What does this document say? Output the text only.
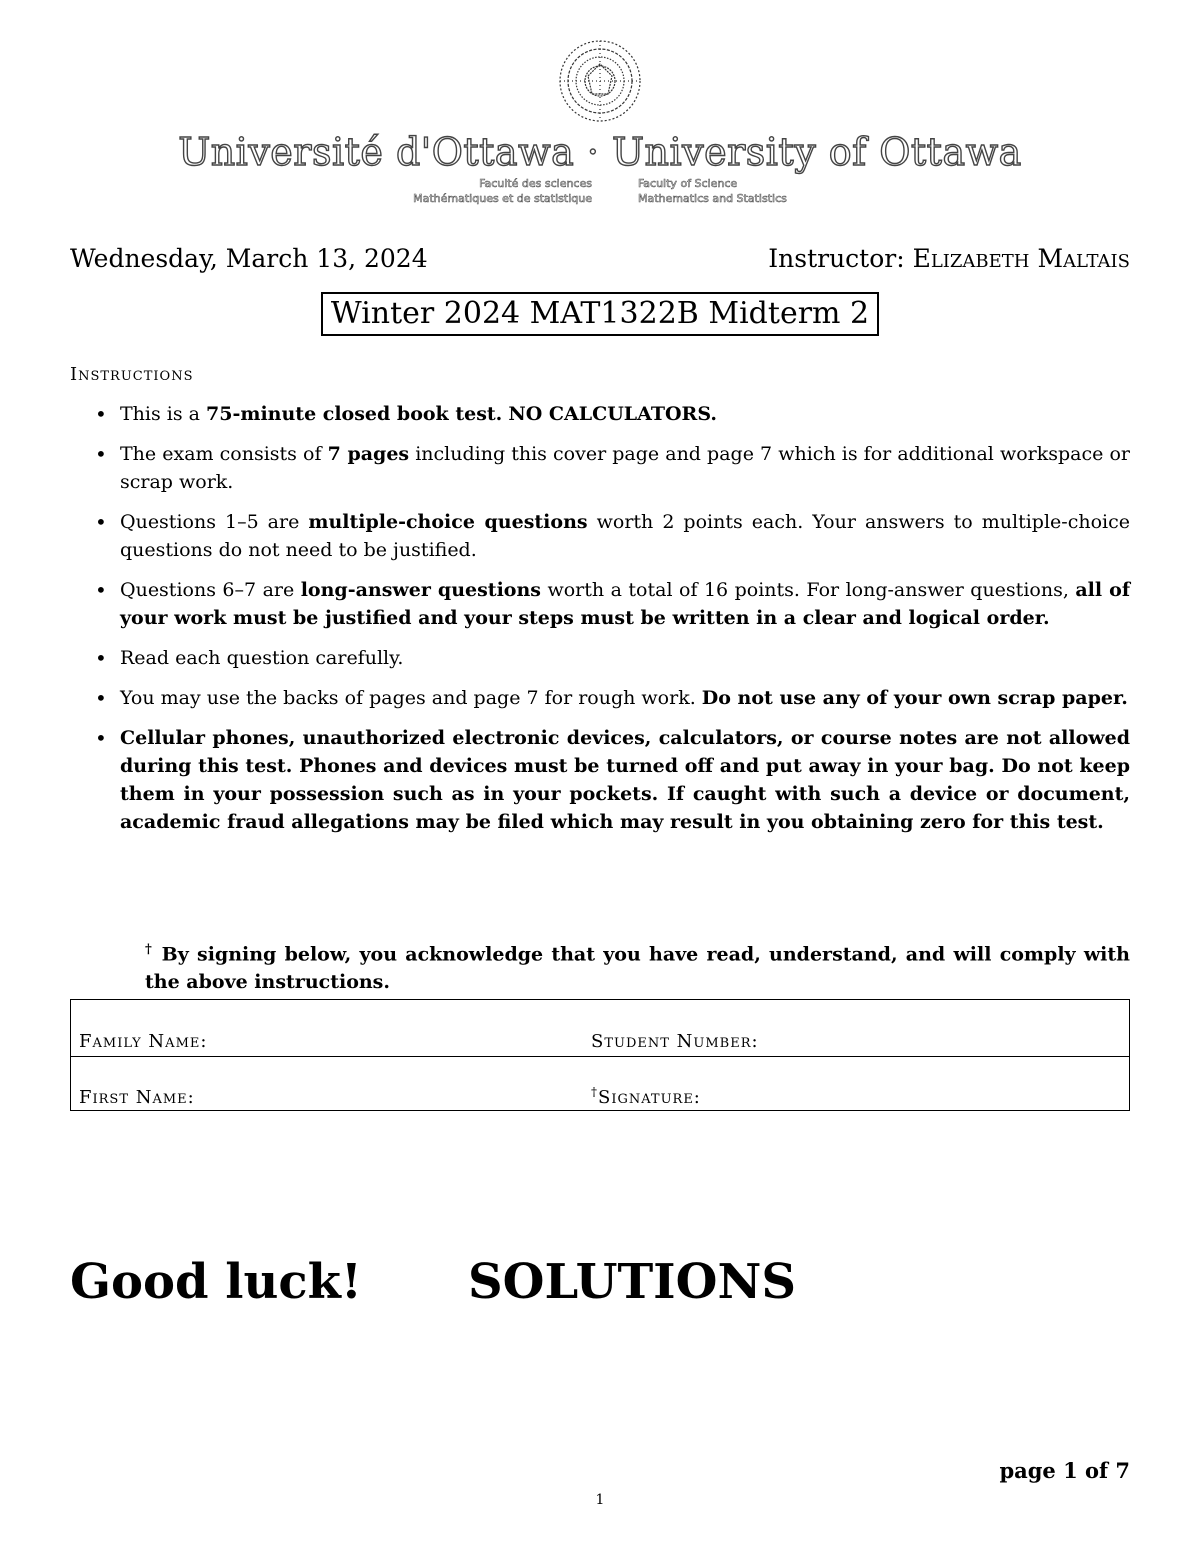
Université d'Ottawa · University of Ottawa
Faculté des sciences
Mathématiques et de statistique
Faculty of Science
Mathematics and Statistics
Wednesday, March 13, 2024	Instructor: Elizabeth Maltais
Winter 2024 MAT1322B Midterm 2
Instructions
• This is a 75-minute closed book test. NO CALCULATORS.
• The exam consists of 7 pages including this cover page and page 7 which is for additional workspace or scrap work.
• Questions 1–5 are multiple-choice questions worth 2 points each. Your answers to multiple-choice questions do not need to be justified.
• Questions 6–7 are long-answer questions worth a total of 16 points. For long-answer questions, all of your work must be justified and your steps must be written in a clear and logical order.
• Read each question carefully.
• You may use the backs of pages and page 7 for rough work. Do not use any of your own scrap paper.
• Cellular phones, unauthorized electronic devices, calculators, or course notes are not allowed during this test. Phones and devices must be turned off and put away in your bag. Do not keep them in your possession such as in your pockets. If caught with such a device or document, academic fraud allegations may be filed which may result in you obtaining zero for this test.
† By signing below, you acknowledge that you have read, understand, and will comply with the above instructions.
Family Name:	Student Number:
First Name:	†Signature:
Good luck! SOLUTIONS
page 1 of 7
1
